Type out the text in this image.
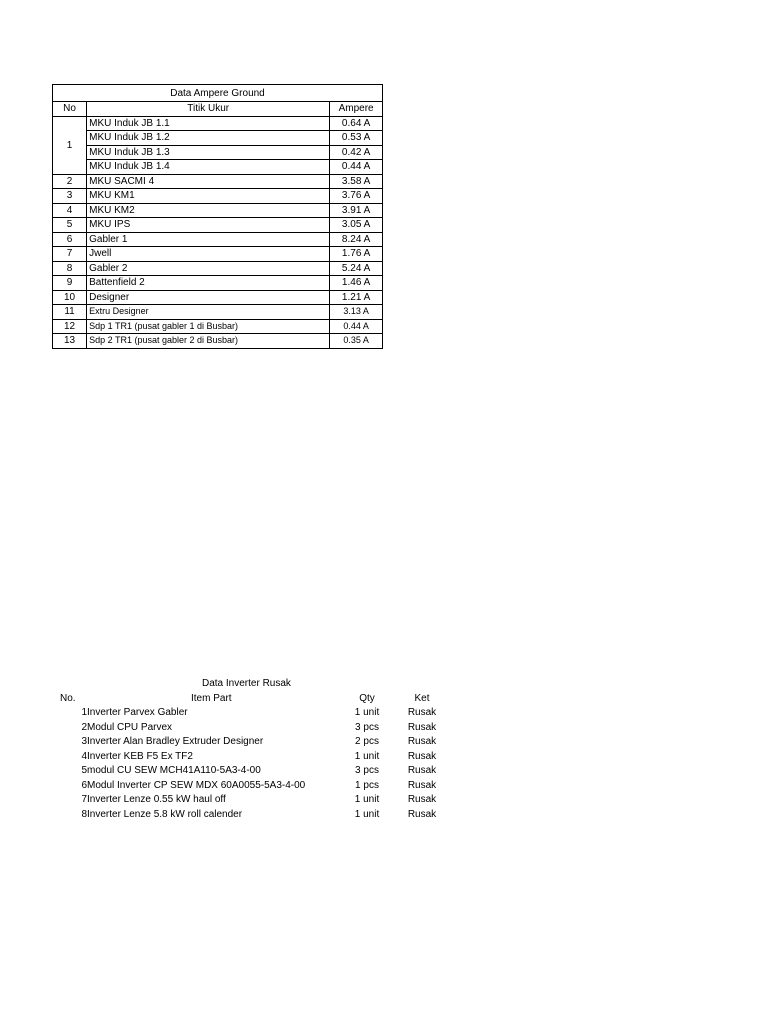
Data Ampere Ground		
No	Titik Ukur	Ampere
1	MKU Induk JB 1.1	0.64 A
	MKU Induk JB 1.2	0.53 A
	MKU Induk JB 1.3	0.42 A
	MKU Induk JB 1.4	0.44 A
2	MKU SACMI 4	3.58 A
3	MKU KM1	3.76 A
4	MKU KM2	3.91 A
5	MKU IPS	3.05 A
6	Gabler 1	8.24 A
7	Jwell	1.76 A
8	Gabler 2	5.24 A
9	Battenfield 2	1.46 A
10	Designer	1.21 A
11	Extru Designer	3.13 A
12	Sdp 1 TR1 (pusat gabler 1 di Busbar)	0.44 A
13	Sdp 2 TR1 (pusat gabler 2 di Busbar)	0.35 A
Data Inverter Rusak			
No.	Item Part	Qty	Ket
1	Inverter Parvex Gabler	1 unit	Rusak
2	Modul CPU Parvex	3 pcs	Rusak
3	Inverter Alan Bradley Extruder Designer	2 pcs	Rusak
4	Inverter KEB F5 Ex TF2	1 unit	Rusak
5	modul CU SEW MCH41A110-5A3-4-00	3 pcs	Rusak
6	Modul Inverter CP SEW MDX 60A0055-5A3-4-00	1 pcs	Rusak
7	Inverter Lenze 0.55 kW haul off	1 unit	Rusak
8	Inverter Lenze 5.8 kW roll calender	1 unit	Rusak
